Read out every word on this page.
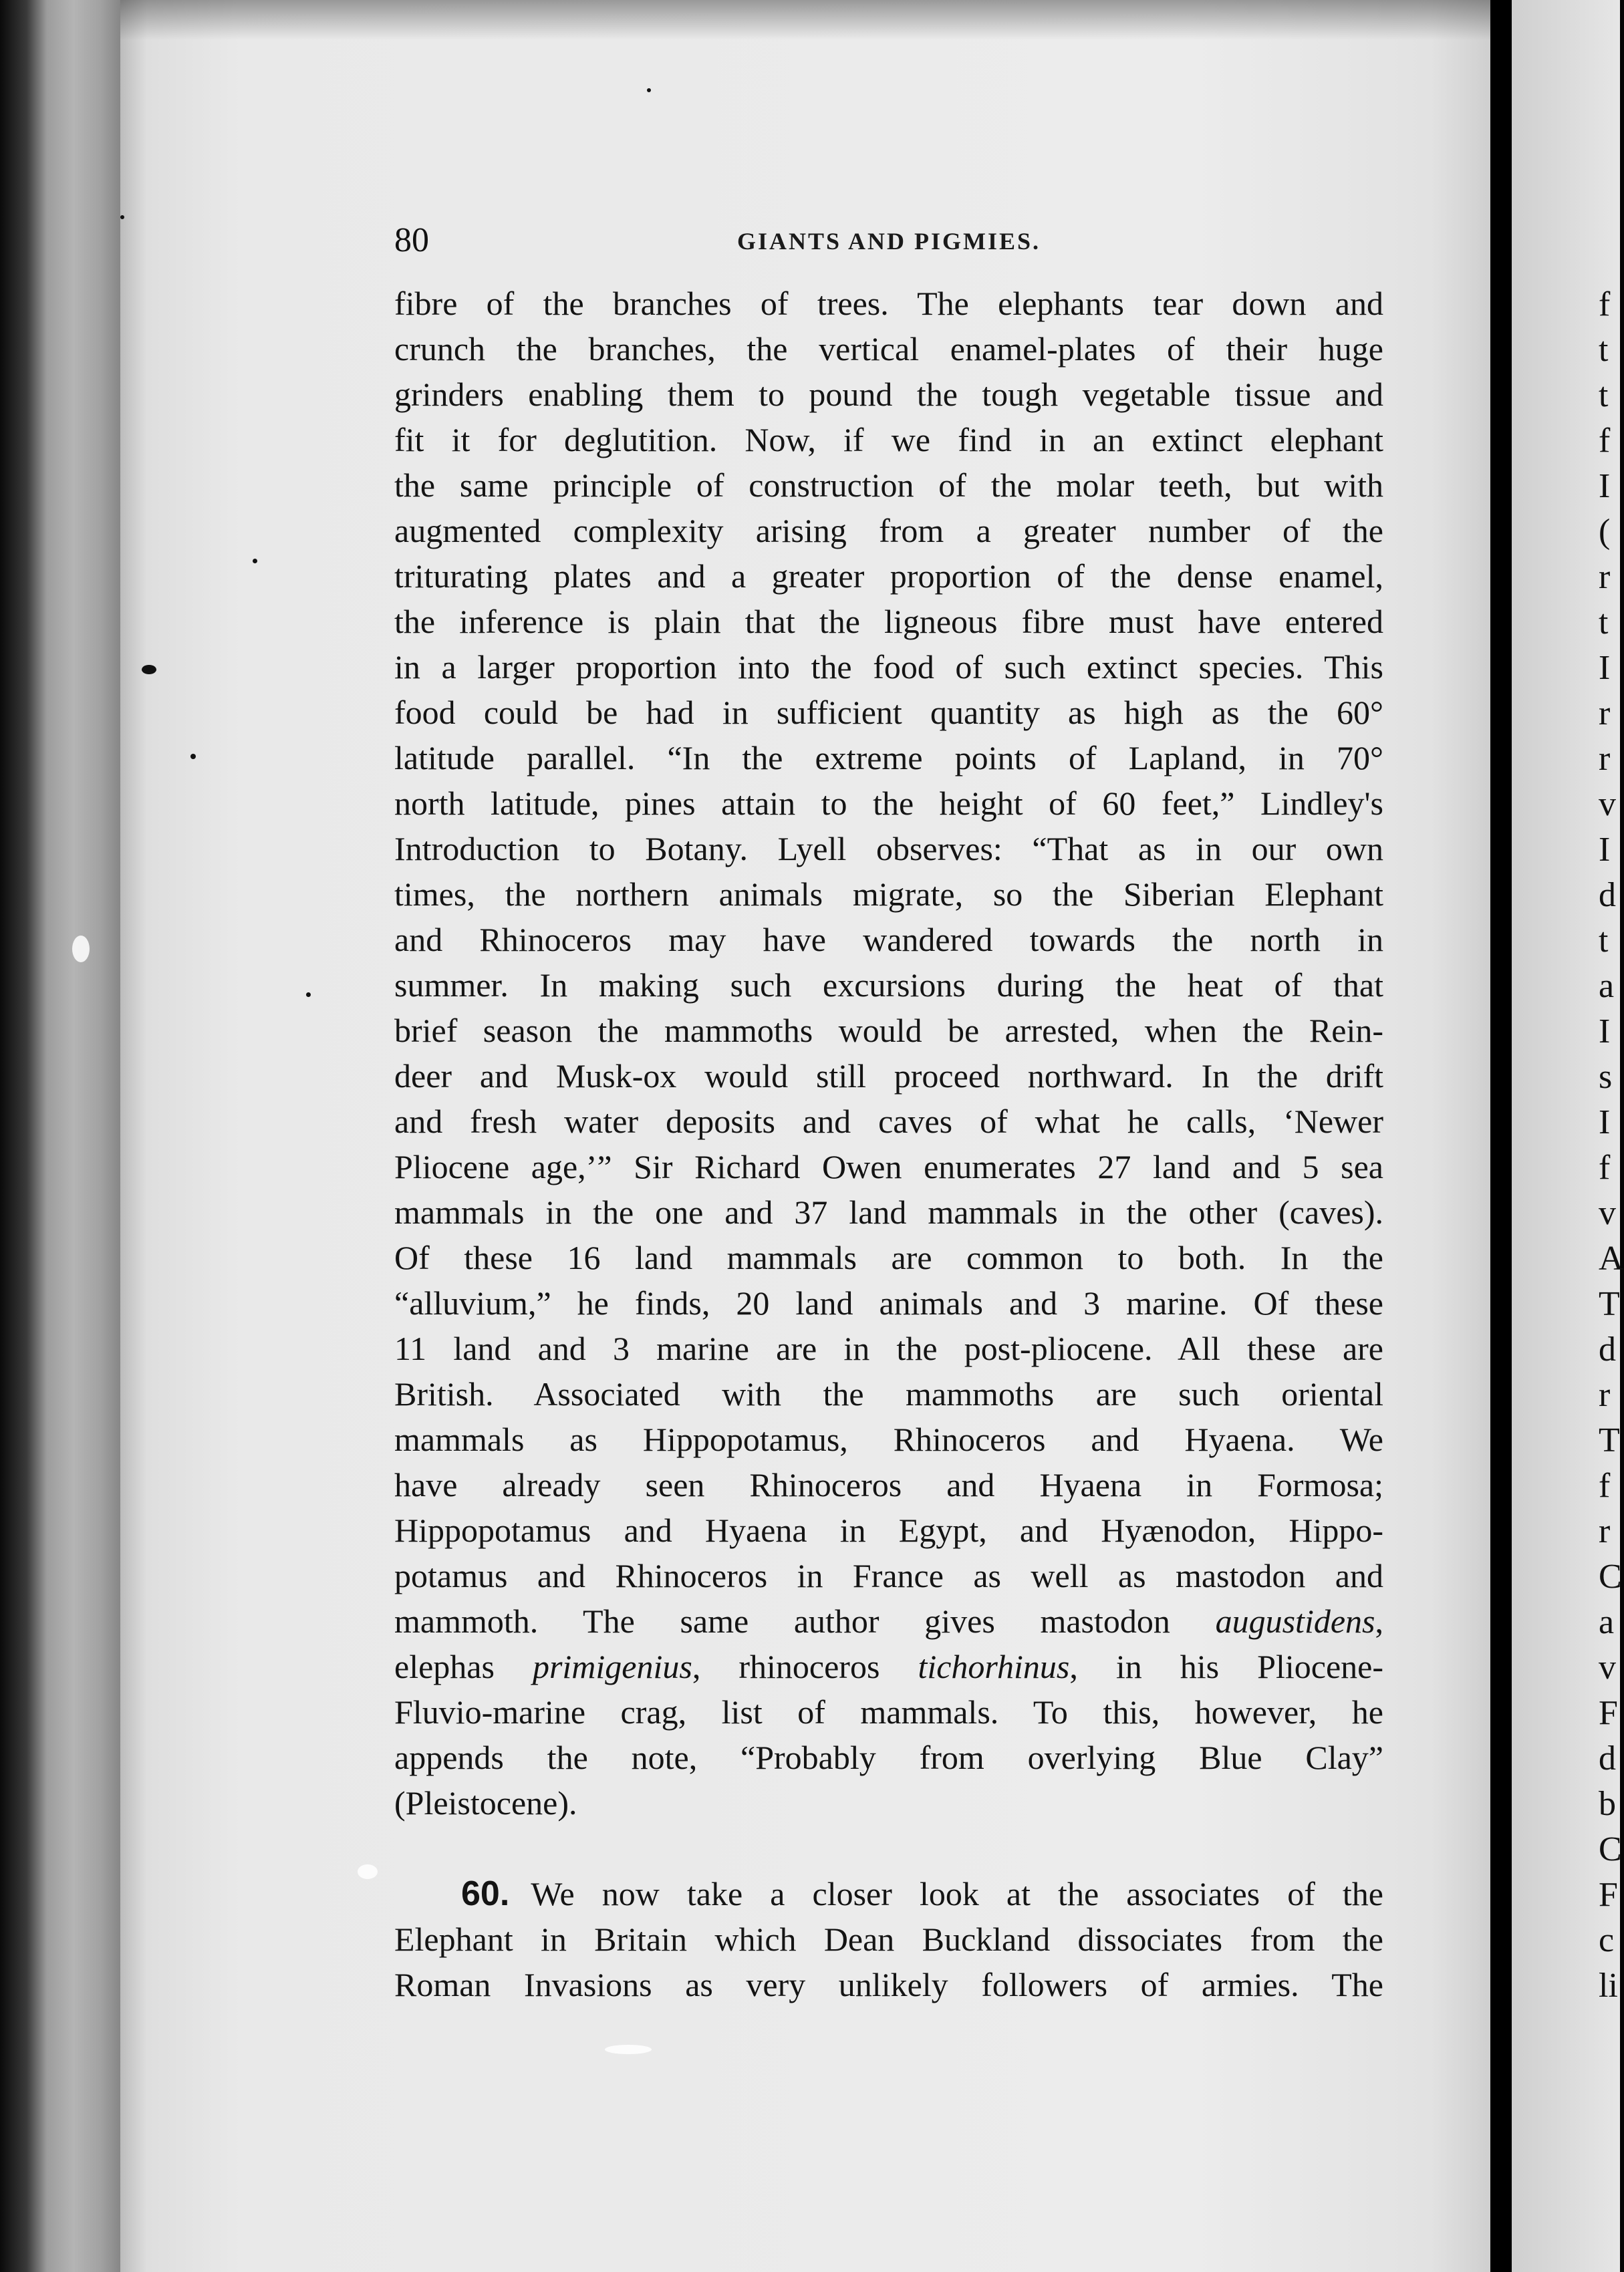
f
t
t
f
I
(
r
t
I
r
r
v
I
d
t
a
I
s
I
f
v
A
T
d
r
T
f
r
C
a
v
F
d
b
C
F
c
li
80	GIANTS AND PIGMIES.
fibre of the branches of trees. The elephants tear down and
crunch the branches, the vertical enamel-plates of their huge
grinders enabling them to pound the tough vegetable tissue and
fit it for deglutition. Now, if we find in an extinct elephant
the same principle of construction of the molar teeth, but with
augmented complexity arising from a greater number of the
triturating plates and a greater proportion of the dense enamel,
the inference is plain that the ligneous fibre must have entered
in a larger proportion into the food of such extinct species. This
food could be had in sufficient quantity as high as the 60°
latitude parallel. “In the extreme points of Lapland, in 70°
north latitude, pines attain to the height of 60 feet,” Lindley's
Introduction to Botany. Lyell observes: “That as in our own
times, the northern animals migrate, so the Siberian Elephant
and Rhinoceros may have wandered towards the north in
summer. In making such excursions during the heat of that
brief season the mammoths would be arrested, when the Rein-
deer and Musk-ox would still proceed northward. In the drift
and fresh water deposits and caves of what he calls, ‘Newer
Pliocene age,’” Sir Richard Owen enumerates 27 land and 5 sea
mammals in the one and 37 land mammals in the other (caves).
Of these 16 land mammals are common to both. In the
“alluvium,” he finds, 20 land animals and 3 marine. Of these
11 land and 3 marine are in the post-pliocene. All these are
British. Associated with the mammoths are such oriental
mammals as Hippopotamus, Rhinoceros and Hyaena. We
have already seen Rhinoceros and Hyaena in Formosa;
Hippopotamus and Hyaena in Egypt, and Hyænodon, Hippo-
potamus and Rhinoceros in France as well as mastodon and
mammoth. The same author gives mastodon augustidens,
elephas primigenius, rhinoceros tichorhinus, in his Pliocene-
Fluvio-marine crag, list of mammals. To this, however, he
appends the note, “Probably from overlying Blue Clay”
(Pleistocene).
60. We now take a closer look at the associates of the
Elephant in Britain which Dean Buckland dissociates from the
Roman Invasions as very unlikely followers of armies. The
